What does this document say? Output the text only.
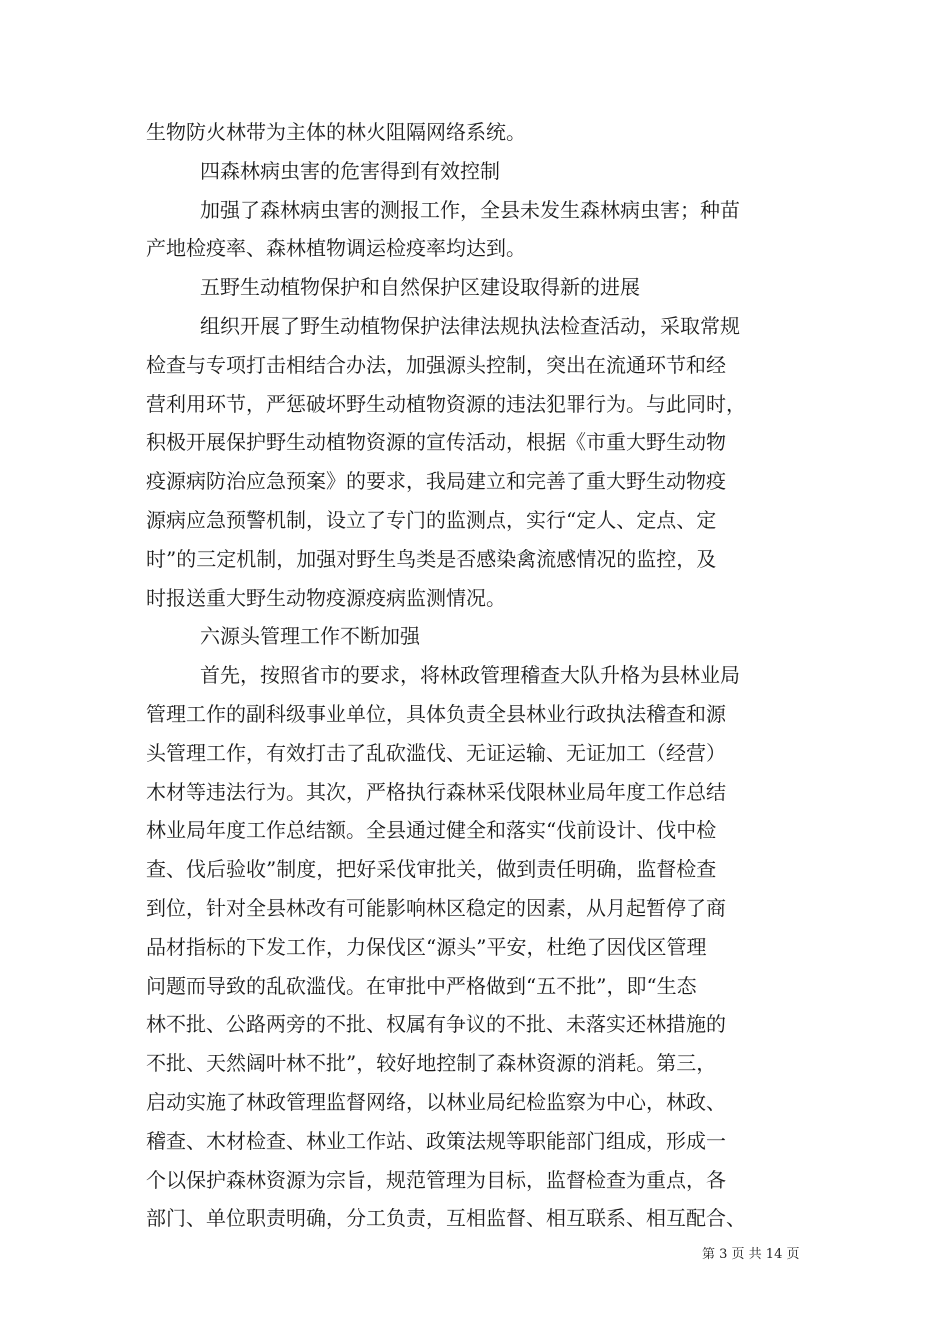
生物防火林带为主体的林火阻隔网络系统。
四森林病虫害的危害得到有效控制
加强了森林病虫害的测报工作，全县未发生森林病虫害；种苗
产地检疫率、森林植物调运检疫率均达到。
五野生动植物保护和自然保护区建设取得新的进展
组织开展了野生动植物保护法律法规执法检查活动，采取常规
检查与专项打击相结合办法，加强源头控制，突出在流通环节和经
营利用环节，严惩破坏野生动植物资源的违法犯罪行为。与此同时，
积极开展保护野生动植物资源的宣传活动，根据《市重大野生动物
疫源病防治应急预案》的要求，我局建立和完善了重大野生动物疫
源病应急预警机制，设立了专门的监测点，实行“定人、定点、定
时”的三定机制，加强对野生鸟类是否感染禽流感情况的监控，及
时报送重大野生动物疫源疫病监测情况。
六源头管理工作不断加强
首先，按照省市的要求，将林政管理稽查大队升格为县林业局
管理工作的副科级事业单位，具体负责全县林业行政执法稽查和源
头管理工作，有效打击了乱砍滥伐、无证运输、无证加工（经营）
木材等违法行为。其次，严格执行森林采伐限林业局年度工作总结
林业局年度工作总结额。全县通过健全和落实“伐前设计、伐中检
查、伐后验收”制度，把好采伐审批关，做到责任明确，监督检查
到位，针对全县林改有可能影响林区稳定的因素，从月起暂停了商
品材指标的下发工作，力保伐区“源头”平安，杜绝了因伐区管理
问题而导致的乱砍滥伐。在审批中严格做到“五不批”，即“生态
林不批、公路两旁的不批、权属有争议的不批、未落实还林措施的
不批、天然阔叶林不批”，较好地控制了森林资源的消耗。第三，
启动实施了林政管理监督网络，以林业局纪检监察为中心，林政、
稽查、木材检查、林业工作站、政策法规等职能部门组成，形成一
个以保护森林资源为宗旨，规范管理为目标，监督检查为重点，各
部门、单位职责明确，分工负责，互相监督、相互联系、相互配合、
第 3 页 共 14 页
